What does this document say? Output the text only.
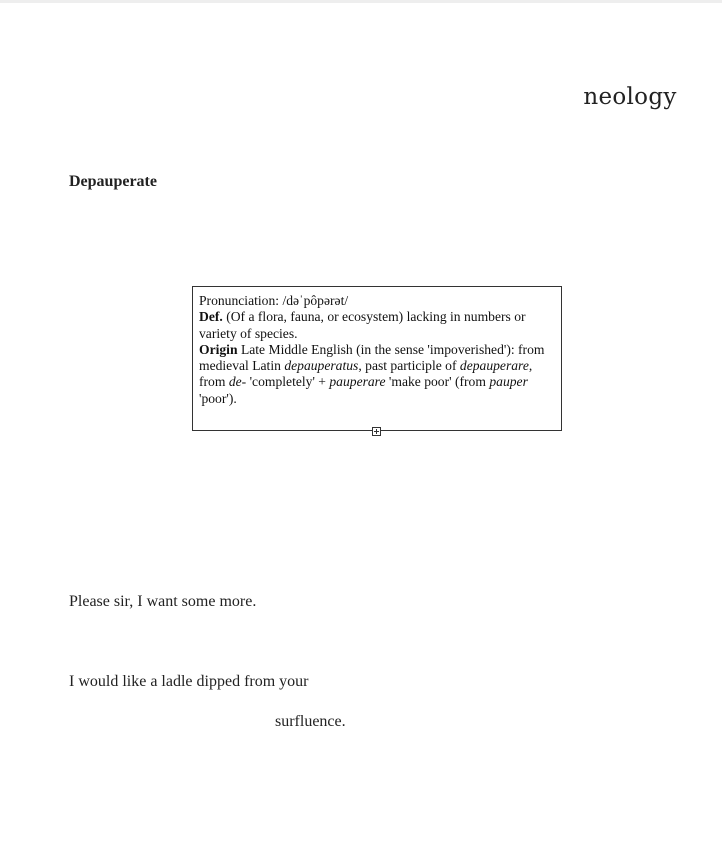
neology
Depauperate

Pronunciation: /dəˈpôpərət/

Def. (Of a flora, fauna, or ecosystem) lacking in numbers or variety of species.

Origin Late Middle English (in the sense 'impoverished'): from medieval Latin depauperatus, past participle of depauperare, from de- 'completely' + pauperare 'make poor' (from pauper 'poor').

Please sir, I want some more.
I would like a ladle dipped from your
surfluence.
